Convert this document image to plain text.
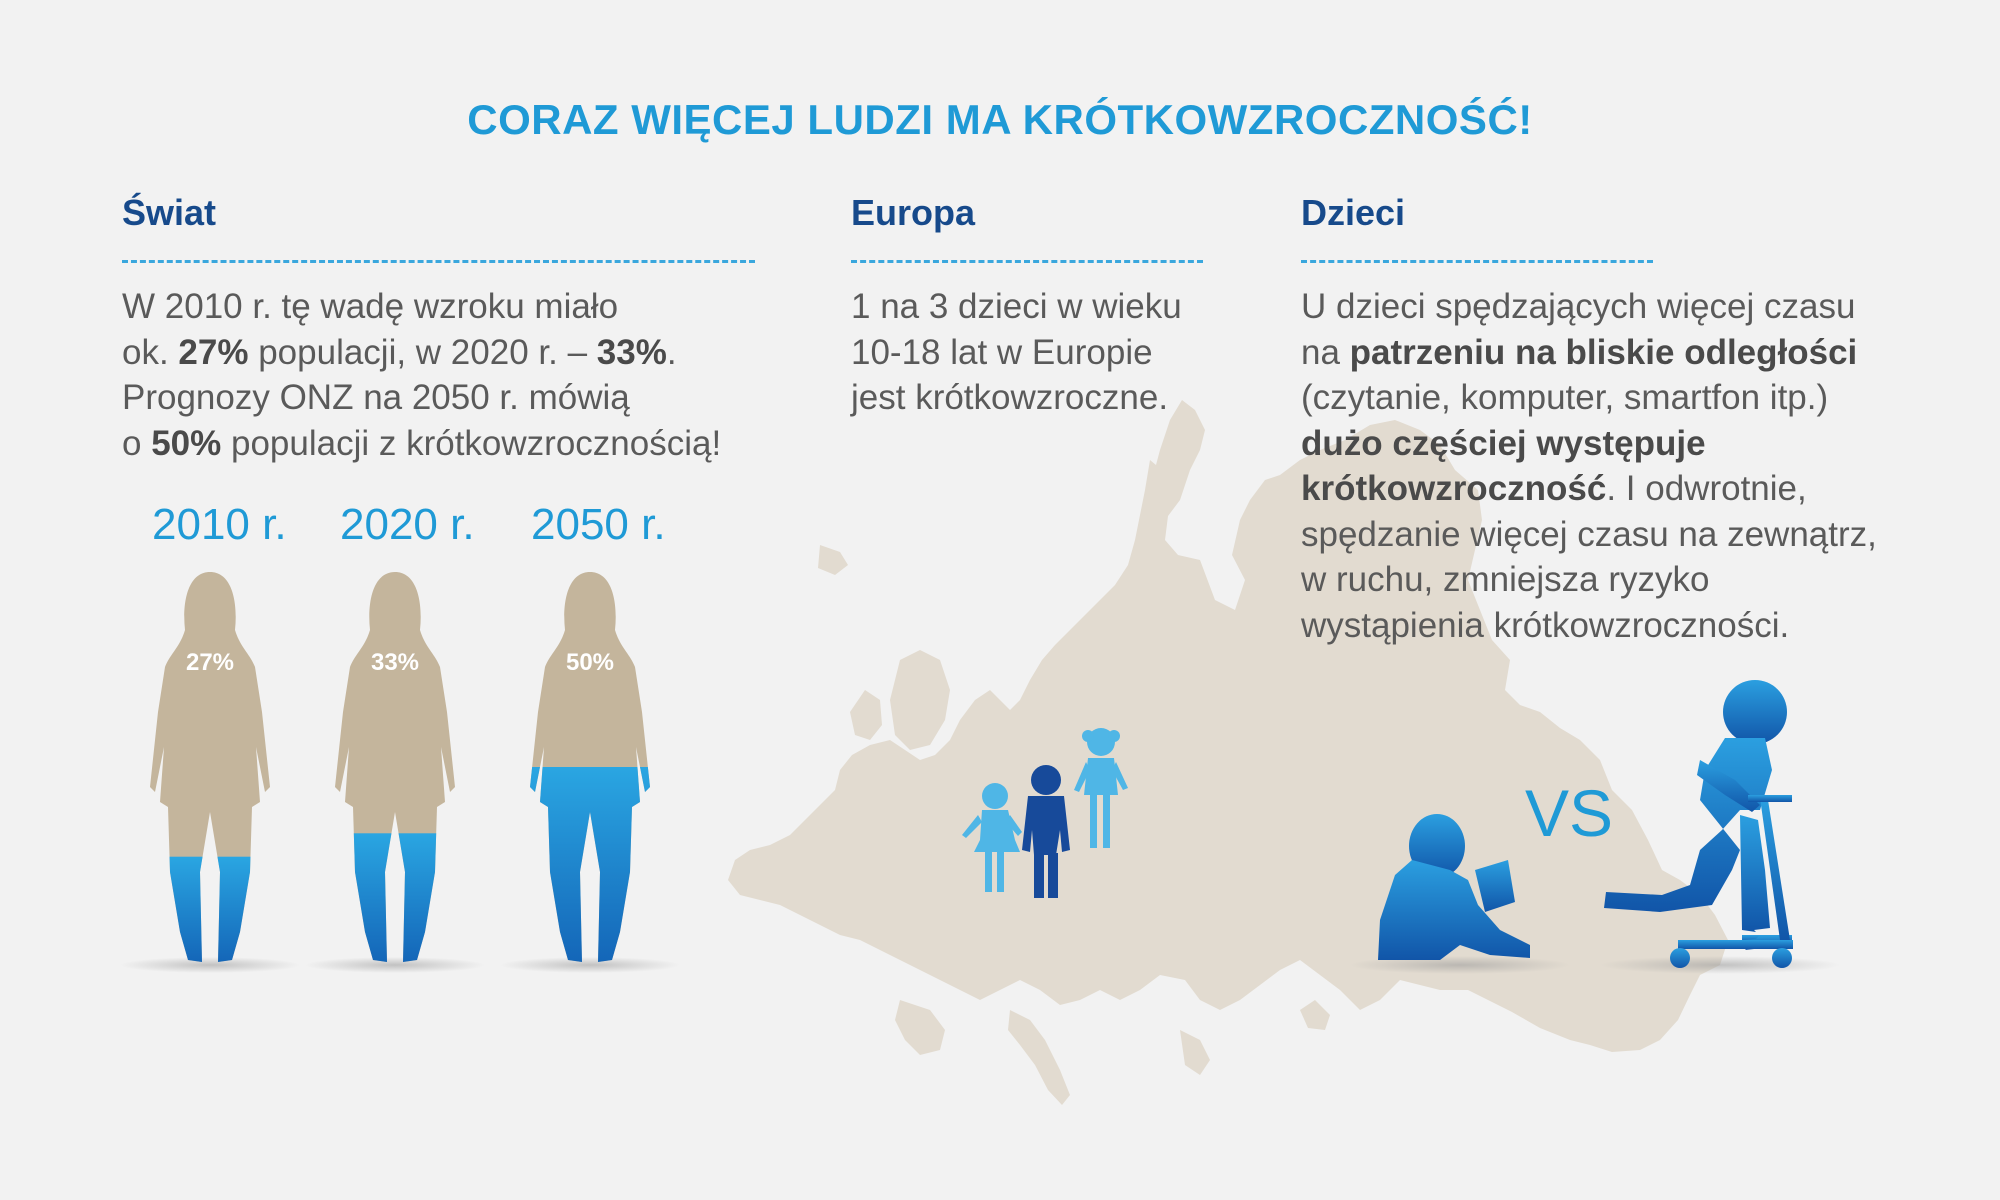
27%	33%	50%
CORAZ WIĘCEJ LUDZI MA KRÓTKOWZROCZNOŚĆ!
Świat
W 2010 r. tę wadę wzroku miało
ok. 27% populacji, w 2020 r. – 33%.
Prognozy ONZ na 2050 r. mówią
o 50% populacji z krótkowzrocznością!
Europa
1 na 3 dzieci w wieku
10-18 lat w Europie
jest krótkowzroczne.
Dzieci
U dzieci spędzających więcej czasu
na patrzeniu na bliskie odległości
(czytanie, komputer, smartfon itp.)
dużo częściej występuje
krótkowzroczność. I odwrotnie,
spędzanie więcej czasu na zewnątrz,
w ruchu, zmniejsza ryzyko
wystąpienia krótkowzroczności.
2010 r. 2020 r. 2050 r.
VS
